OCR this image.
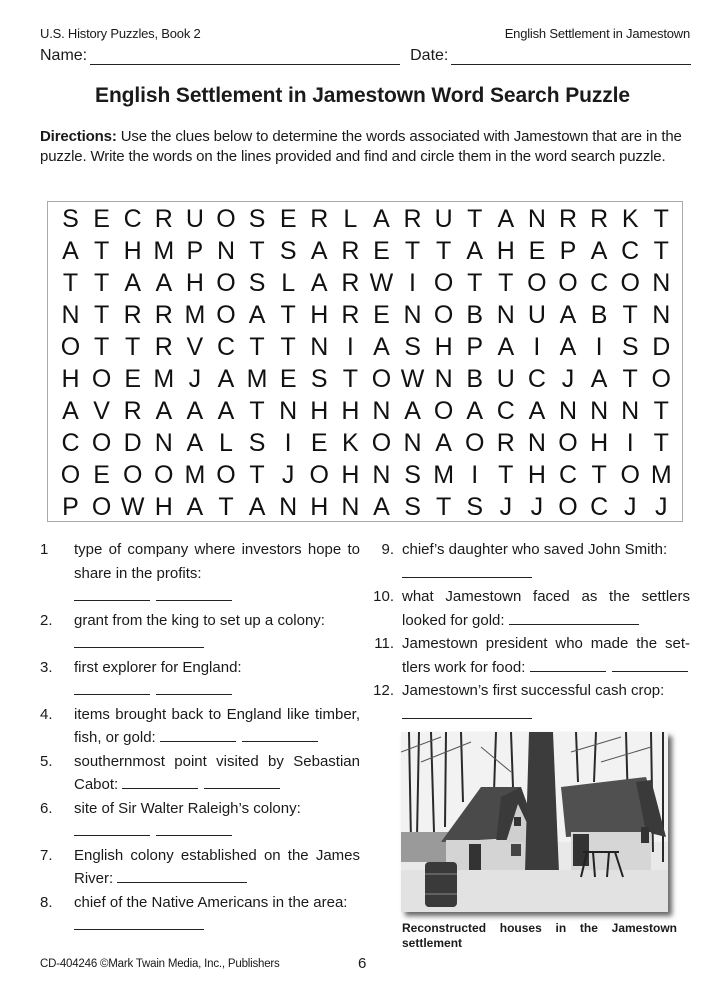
U.S. History Puzzles, Book 2	English Settlement in Jamestown
Name:	Date:
English Settlement in Jamestown Word Search Puzzle
Directions: Use the clues below to determine the words associated with Jamestown that are in the puzzle. Write the words on the lines provided and find and circle them in the word search puzzle.
S E C R U O S E R L A R U T A N R R K T
A T H M P N T S A R E T T A H E P A C T
T T A A H O S L A R W I O T T O O C O N
N T R R M O A T H R E N O B N U A B T N
O T T R V C T T N I A S H P A I A I S D
H O E M J A M E S T O W N B U C J A T O
A V R A A A T N H H N A O A C A N N N T
C O D N A L S I E K O N A O R N O H I T
O E O O M O T J O H N S M I T H C T O M
P O W H A T A N H N A S T S J J O C J J
1	type of company where investors hope to share in the profits:
2.	grant from the king to set up a colony:
3.	first explorer for England:
4.	items brought back to England like timber, fish, or gold:
5.	southernmost point visited by Sebastian Cabot:
6.	site of Sir Walter Raleigh’s colony:
7.	English colony established on the James River:
8.	chief of the Native Americans in the area:
9. chief’s daughter who saved John Smith:
10. what Jamestown faced as the settlers looked for gold:
11. Jamestown president who made the set-tlers work for food:
12. Jamestown’s first successful cash crop:
Reconstructed houses in the Jamestown settlement
CD-404246 ©Mark Twain Media, Inc., Publishers	6
